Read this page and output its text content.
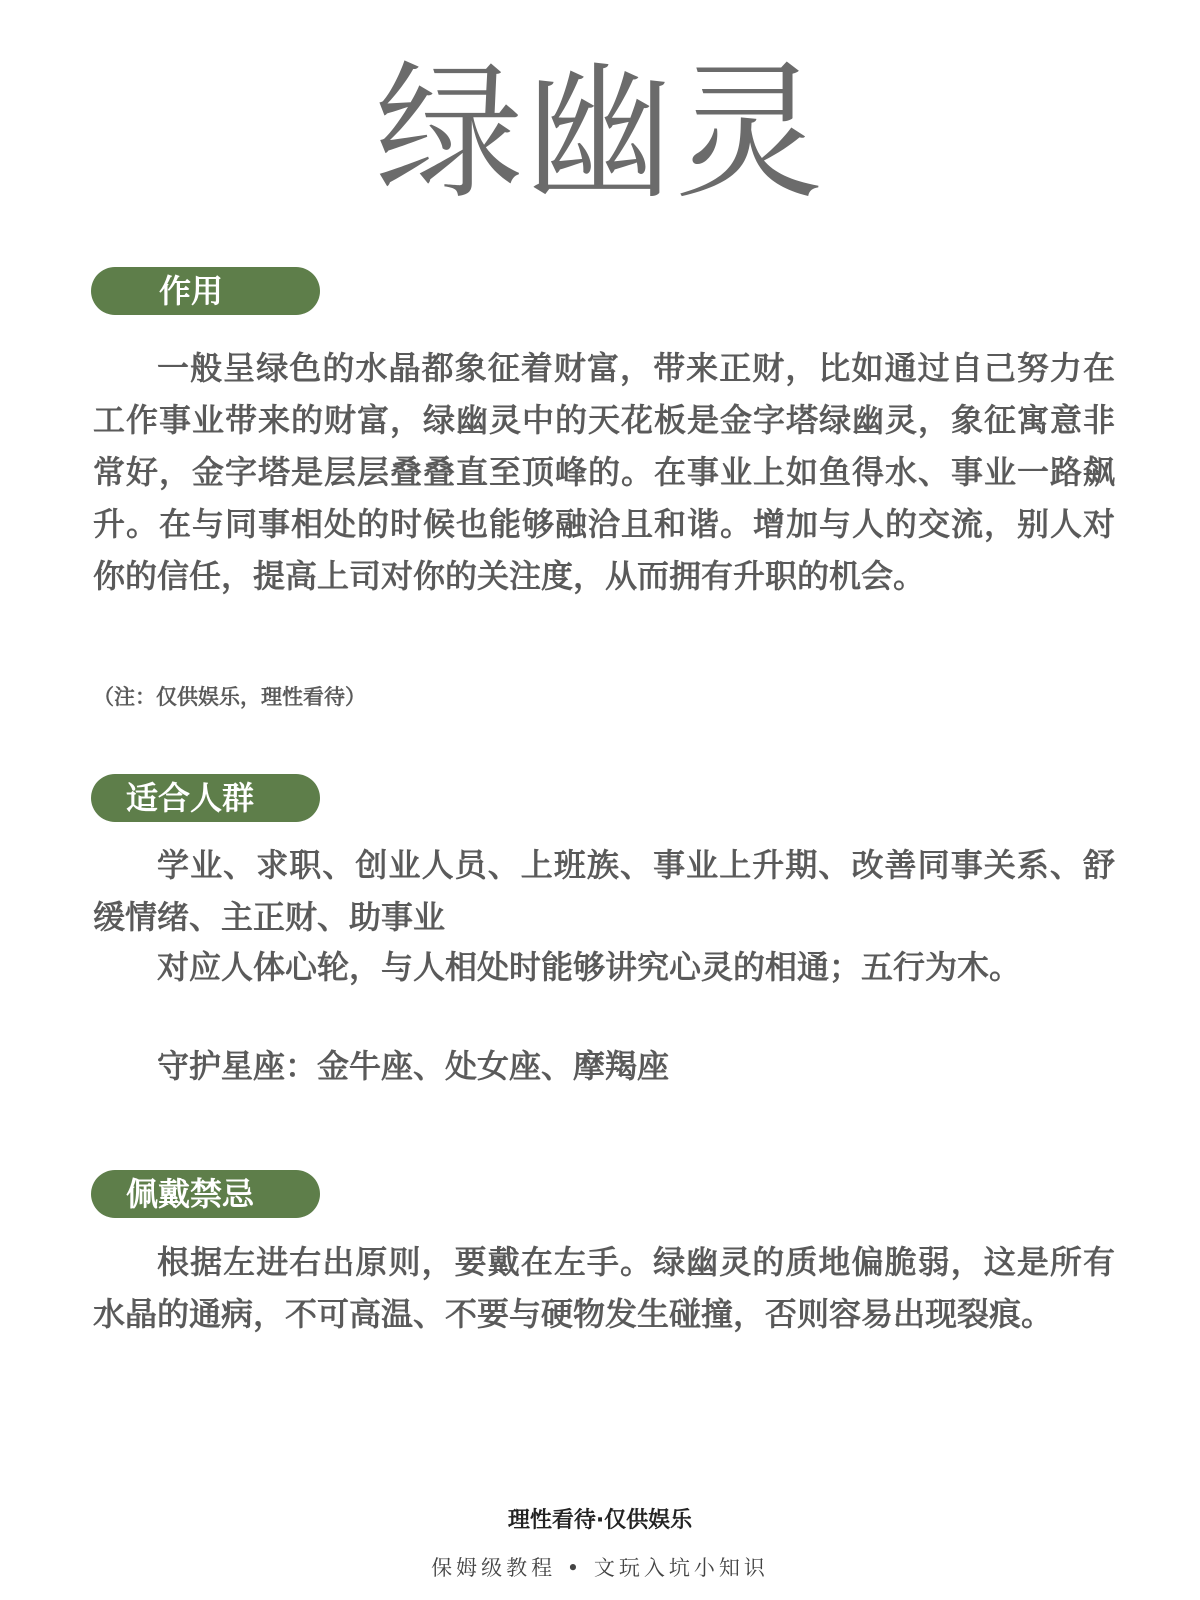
绿幽灵
作用
一般呈绿色的水晶都象征着财富，带来正财，比如通过自己努力在工作事业带来的财富，绿幽灵中的天花板是金字塔绿幽灵，象征寓意非常好，金字塔是层层叠叠直至顶峰的。在事业上如鱼得水、事业一路飙升。在与同事相处的时候也能够融洽且和谐。增加与人的交流，别人对你的信任，提高上司对你的关注度，从而拥有升职的机会。
（注：仅供娱乐，理性看待）
适合人群
学业、求职、创业人员、上班族、事业上升期、改善同事关系、舒缓情绪、主正财、助事业
对应人体心轮，与人相处时能够讲究心灵的相通；五行为木。
守护星座：金牛座、处女座、摩羯座
佩戴禁忌
根据左进右出原则，要戴在左手。绿幽灵的质地偏脆弱，这是所有水晶的通病，不可高温、不要与硬物发生碰撞，否则容易出现裂痕。
理性看待·仅供娱乐
保姆级教程 • 文玩入坑小知识
